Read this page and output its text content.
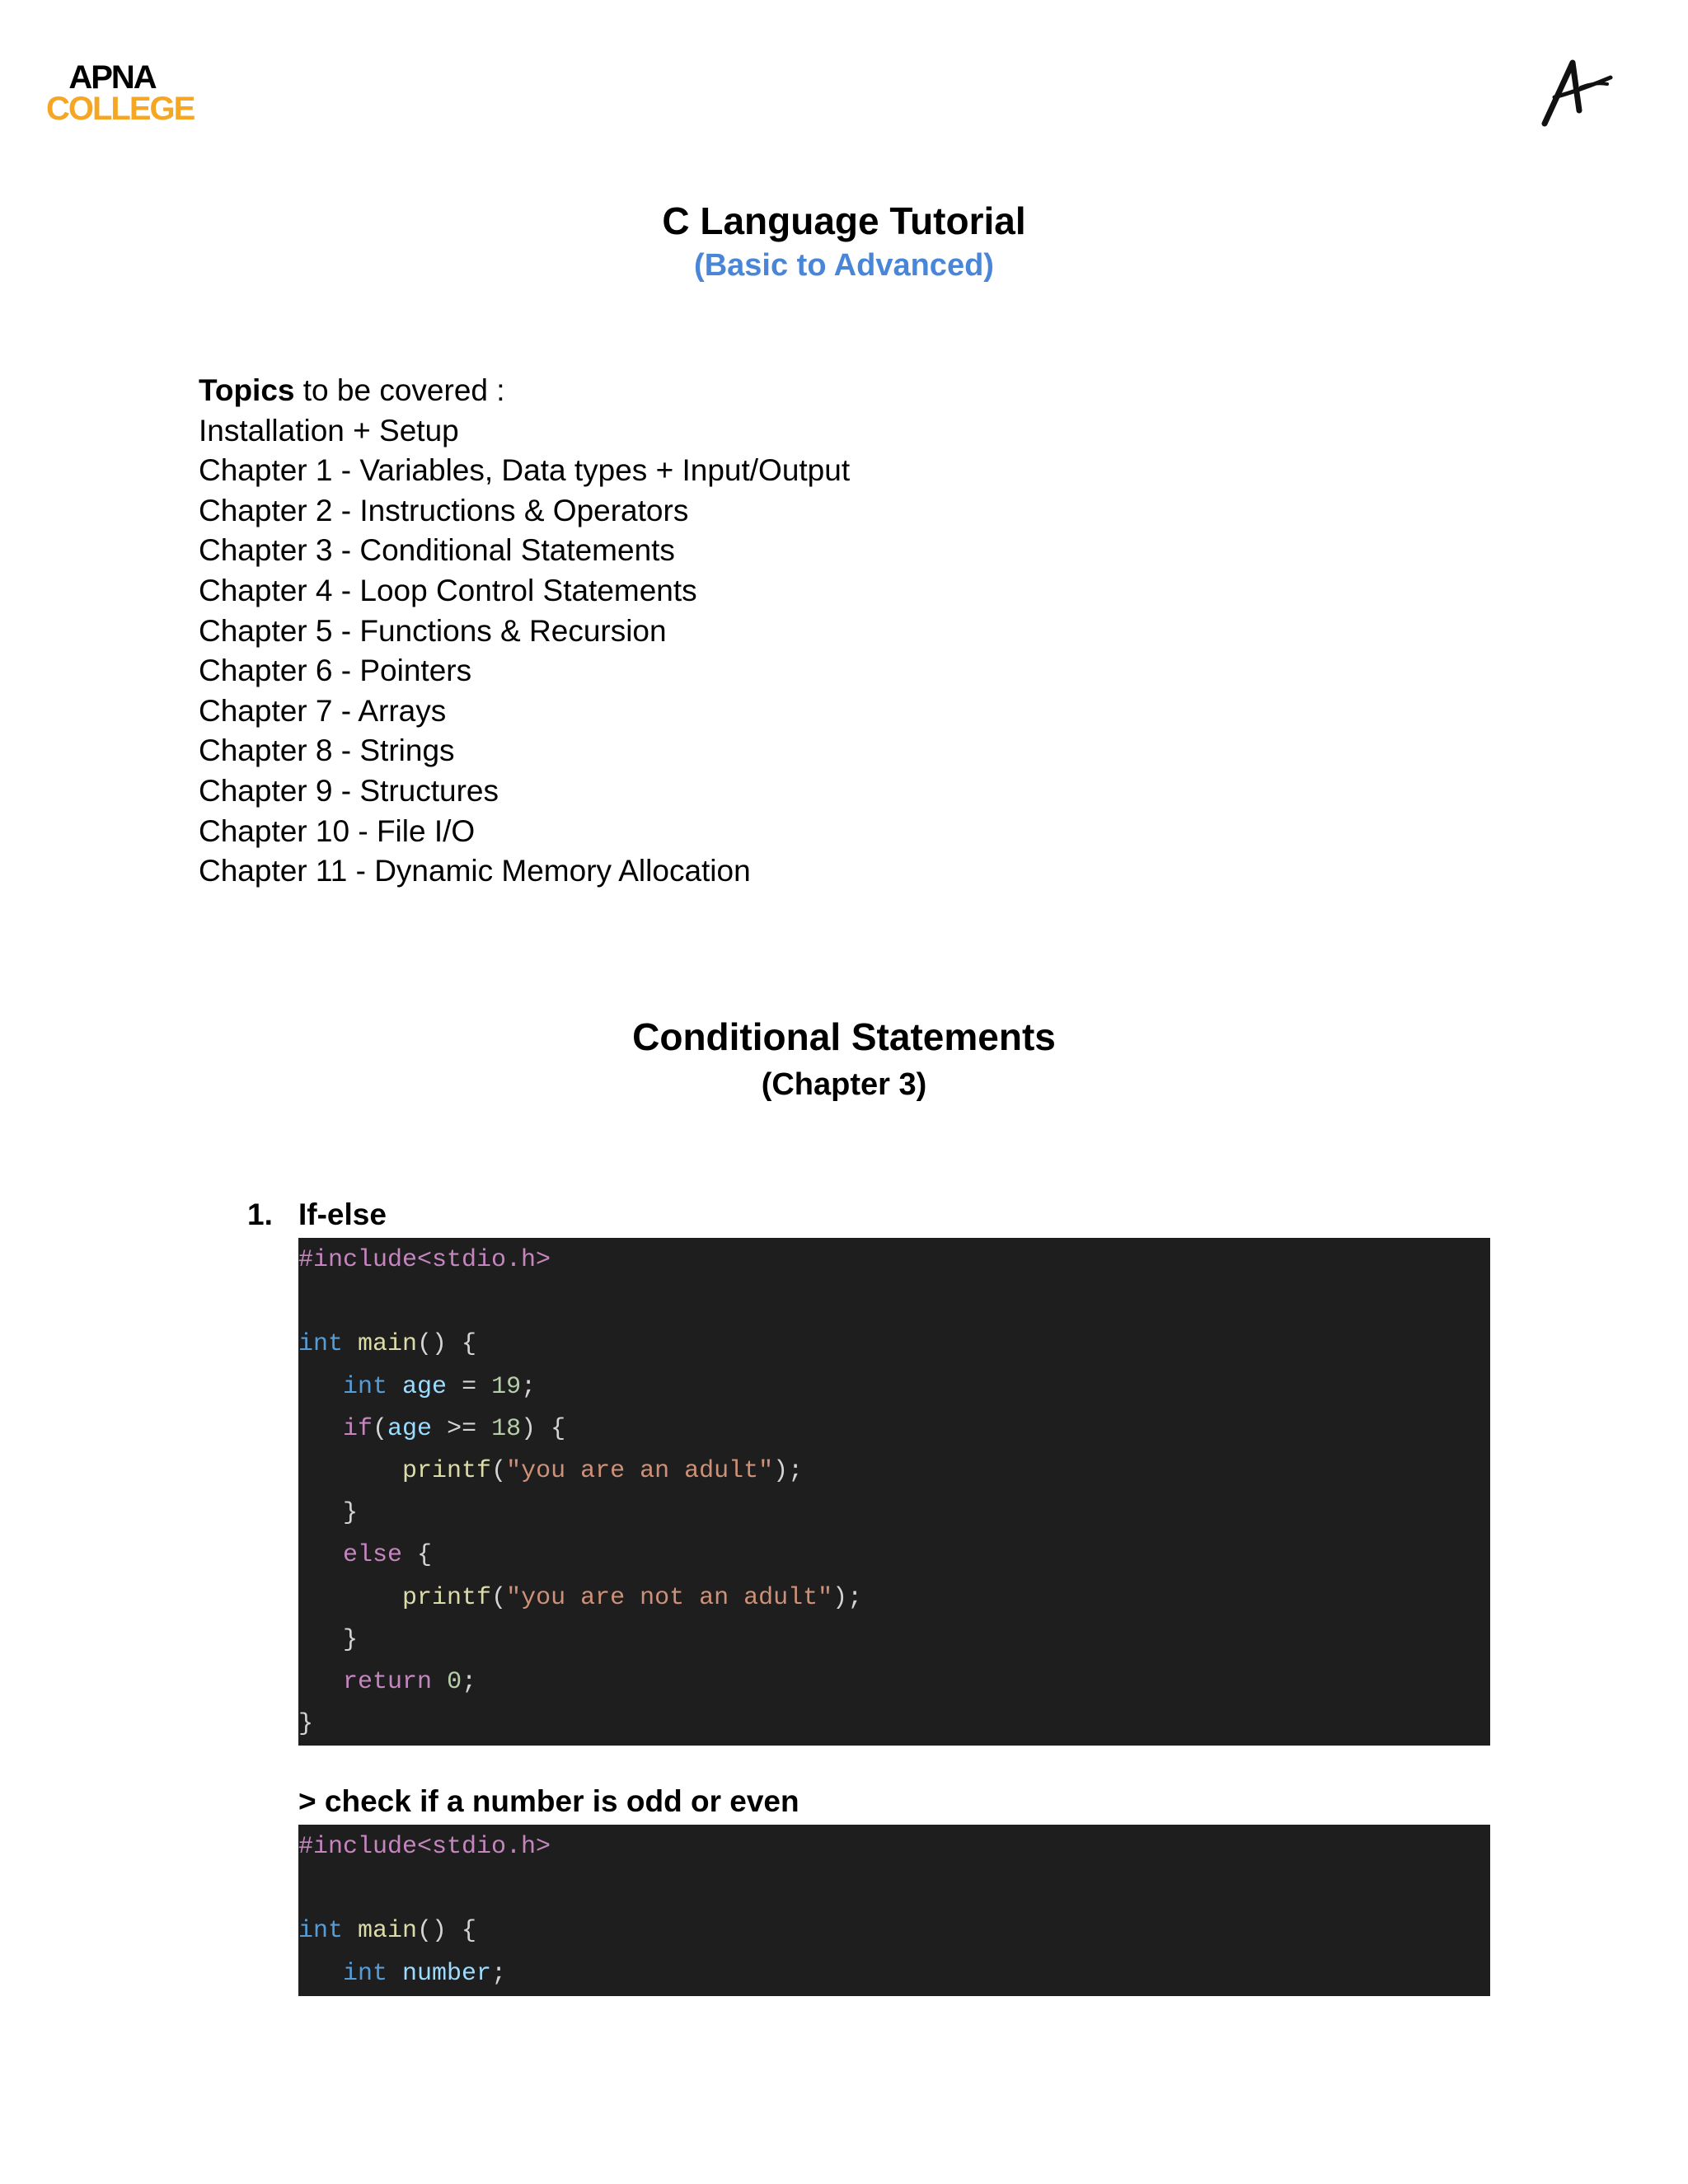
APNA
COLLEGE
C Language Tutorial
(Basic to Advanced)
Topics to be covered :
Installation + Setup
Chapter 1 - Variables, Data types + Input/Output
Chapter 2 - Instructions & Operators
Chapter 3 - Conditional Statements
Chapter 4 - Loop Control Statements
Chapter 5 - Functions & Recursion
Chapter 6 - Pointers
Chapter 7 - Arrays
Chapter 8 - Strings
Chapter 9 - Structures
Chapter 10 - File I/O
Chapter 11 - Dynamic Memory Allocation
Conditional Statements
(Chapter 3)
1. If-else
#include<stdio.h>
int main() {
int age = 19;
if(age >= 18) {
printf("you are an adult");
}
else {
printf("you are not an adult");
}
return 0;
}
> check if a number is odd or even
#include<stdio.h>
int main() {
int number;
